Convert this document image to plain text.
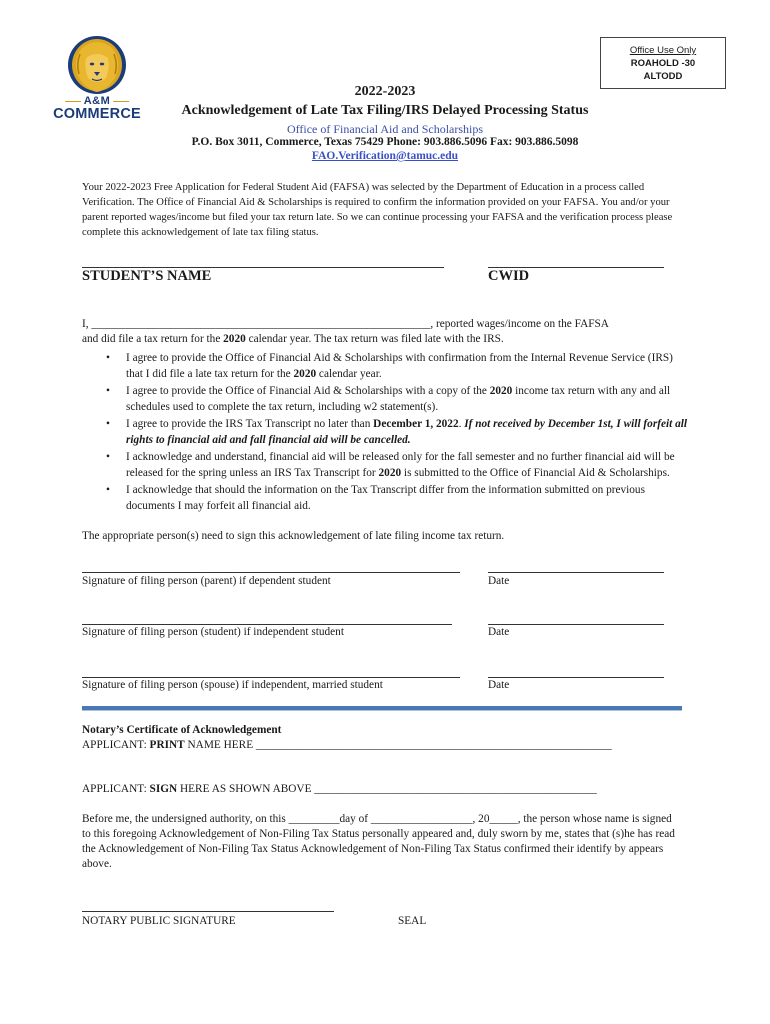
A&M
COMMERCE
Office Use Only
ROAHOLD -30
ALTODD
2022-2023
Acknowledgement of Late Tax Filing/IRS Delayed Processing Status
Office of Financial Aid and Scholarships
P.O. Box 3011, Commerce, Texas 75429 Phone: 903.886.5096 Fax: 903.886.5098
FAO.Verification@tamuc.edu
Your 2022-2023 Free Application for Federal Student Aid (FAFSA) was selected by the Department of Education in a process called Verification. The Office of Financial Aid & Scholarships is required to confirm the information provided on your FAFSA. You and/or your parent reported wages/income but filed your tax return late. So we can continue processing your FAFSA and the verification process please complete this acknowledgement of late tax filing status.
STUDENT’S NAME	CWID
I, ____________________________________________________________, reported wages/income on the FAFSA
and did file a tax return for the 2020 calendar year. The tax return was filed late with the IRS.
• I agree to provide the Office of Financial Aid & Scholarships with confirmation from the Internal Revenue Service (IRS) that I did file a late tax return for the 2020 calendar year.
• I agree to provide the Office of Financial Aid & Scholarships with a copy of the 2020 income tax return with any and all schedules used to complete the tax return, including w2 statement(s).
• I agree to provide the IRS Tax Transcript no later than December 1, 2022. If not received by December 1st, I will forfeit all rights to financial aid and fall financial aid will be cancelled.
• I acknowledge and understand, financial aid will be released only for the fall semester and no further financial aid will be released for the spring unless an IRS Tax Transcript for 2020 is submitted to the Office of Financial Aid & Scholarships.
• I acknowledge that should the information on the Tax Transcript differ from the information submitted on previous documents I may forfeit all financial aid.
The appropriate person(s) need to sign this acknowledgement of late filing income tax return.
Signature of filing person (parent) if dependent student	Date
Signature of filing person (student) if independent student	Date
Signature of filing person (spouse) if independent, married student	Date
Notary’s Certificate of Acknowledgement
APPLICANT: PRINT NAME HERE _______________________________________________________________
APPLICANT: SIGN HERE AS SHOWN ABOVE __________________________________________________
Before me, the undersigned authority, on this _________day of __________________, 20_____, the person whose name is signed to this foregoing Acknowledgement of Non-Filing Tax Status personally appeared and, duly sworn by me, states that (s)he has read the Acknowledgement of Non-Filing Tax Status Acknowledgement of Non-Filing Tax Status confirmed their identify by appears above.
NOTARY PUBLIC SIGNATURE	SEAL
